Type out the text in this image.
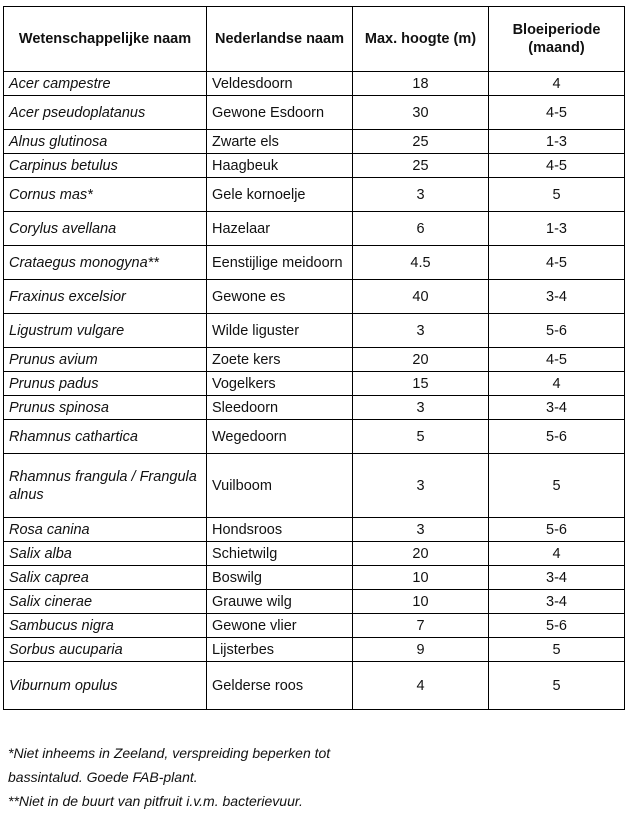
Wetenschappelijke naam	Nederlandse naam	Max. hoogte (m)	Bloeiperiode
(maand)
Acer campestre	Veldesdoorn	18	4
Acer pseudoplatanus	Gewone Esdoorn	30	4-5
Alnus glutinosa	Zwarte els	25	1-3
Carpinus betulus	Haagbeuk	25	4-5
Cornus mas*	Gele kornoelje	3	5
Corylus avellana	Hazelaar	6	1-3
Crataegus monogyna**	Eenstijlige meidoorn	4.5	4-5
Fraxinus excelsior	Gewone es	40	3-4
Ligustrum vulgare	Wilde liguster	3	5-6
Prunus avium	Zoete kers	20	4-5
Prunus padus	Vogelkers	15	4
Prunus spinosa	Sleedoorn	3	3-4
Rhamnus cathartica	Wegedoorn	5	5-6
Rhamnus frangula / Frangula alnus	Vuilboom	3	5
Rosa canina	Hondsroos	3	5-6
Salix alba	Schietwilg	20	4
Salix caprea	Boswilg	10	3-4
Salix cinerae	Grauwe wilg	10	3-4
Sambucus nigra	Gewone vlier	7	5-6
Sorbus aucuparia	Lijsterbes	9	5
Viburnum opulus	Gelderse roos	4	5
*Niet inheems in Zeeland, verspreiding beperken tot
bassintalud. Goede FAB-plant.
**Niet in de buurt van pitfruit i.v.m. bacterievuur.
